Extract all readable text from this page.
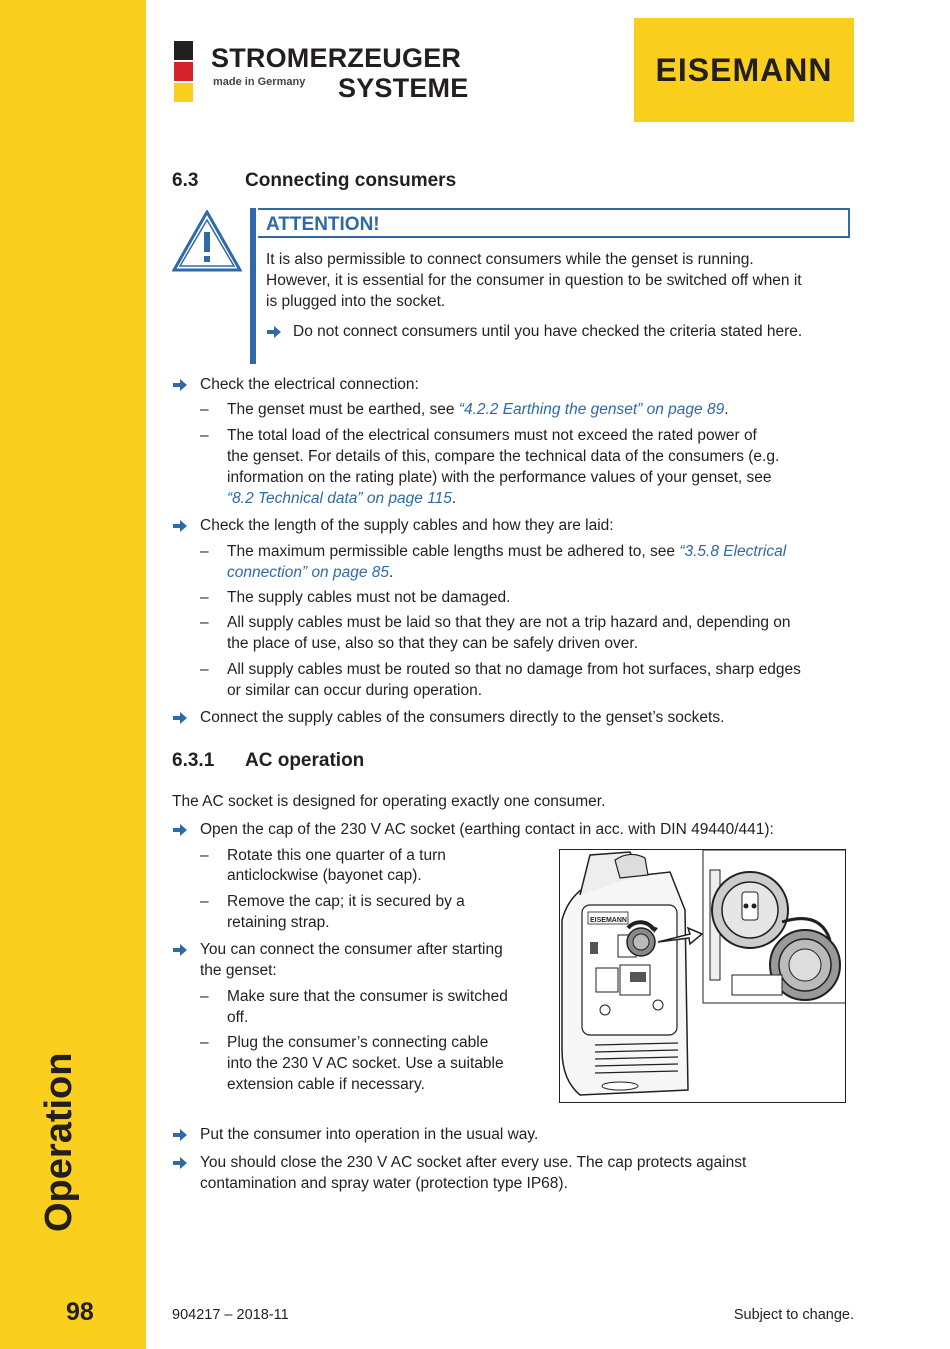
Operation
98
STROMERZEUGER
made in Germany SYSTEME
EISEMANN
6.3 Connecting consumers
ATTENTION!
It is also permissible to connect consumers while the genset is running.
However, it is essential for the consumer in question to be switched off when it
is plugged into the socket.
Do not connect consumers until you have checked the criteria stated here.
Check the electrical connection:
– The genset must be earthed, see “4.2.2 Earthing the genset” on page 89.
– The total load of the electrical consumers must not exceed the rated power of
the genset. For details of this, compare the technical data of the consumers (e.g.
information on the rating plate) with the performance values of your genset, see
“8.2 Technical data” on page 115.
Check the length of the supply cables and how they are laid:
– The maximum permissible cable lengths must be adhered to, see “3.5.8 Electrical
connection” on page 85.
– The supply cables must not be damaged.
– All supply cables must be laid so that they are not a trip hazard and, depending on
the place of use, also so that they can be safely driven over.
– All supply cables must be routed so that no damage from hot surfaces, sharp edges
or similar can occur during operation.
Connect the supply cables of the consumers directly to the genset’s sockets.
6.3.1 AC operation
The AC socket is designed for operating exactly one consumer.
Open the cap of the 230 V AC socket (earthing contact in acc. with DIN 49440/441):
– Rotate this one quarter of a turn
anticlockwise (bayonet cap).
– Remove the cap; it is secured by a
retaining strap.
You can connect the consumer after starting
the genset:
– Make sure that the consumer is switched
off.
– Plug the consumer’s connecting cable
into the 230 V AC socket. Use a suitable
extension cable if necessary.
EISEMANN
Put the consumer into operation in the usual way.
You should close the 230 V AC socket after every use. The cap protects against
contamination and spray water (protection type IP68).
904217 – 2018-11	Subject to change.
